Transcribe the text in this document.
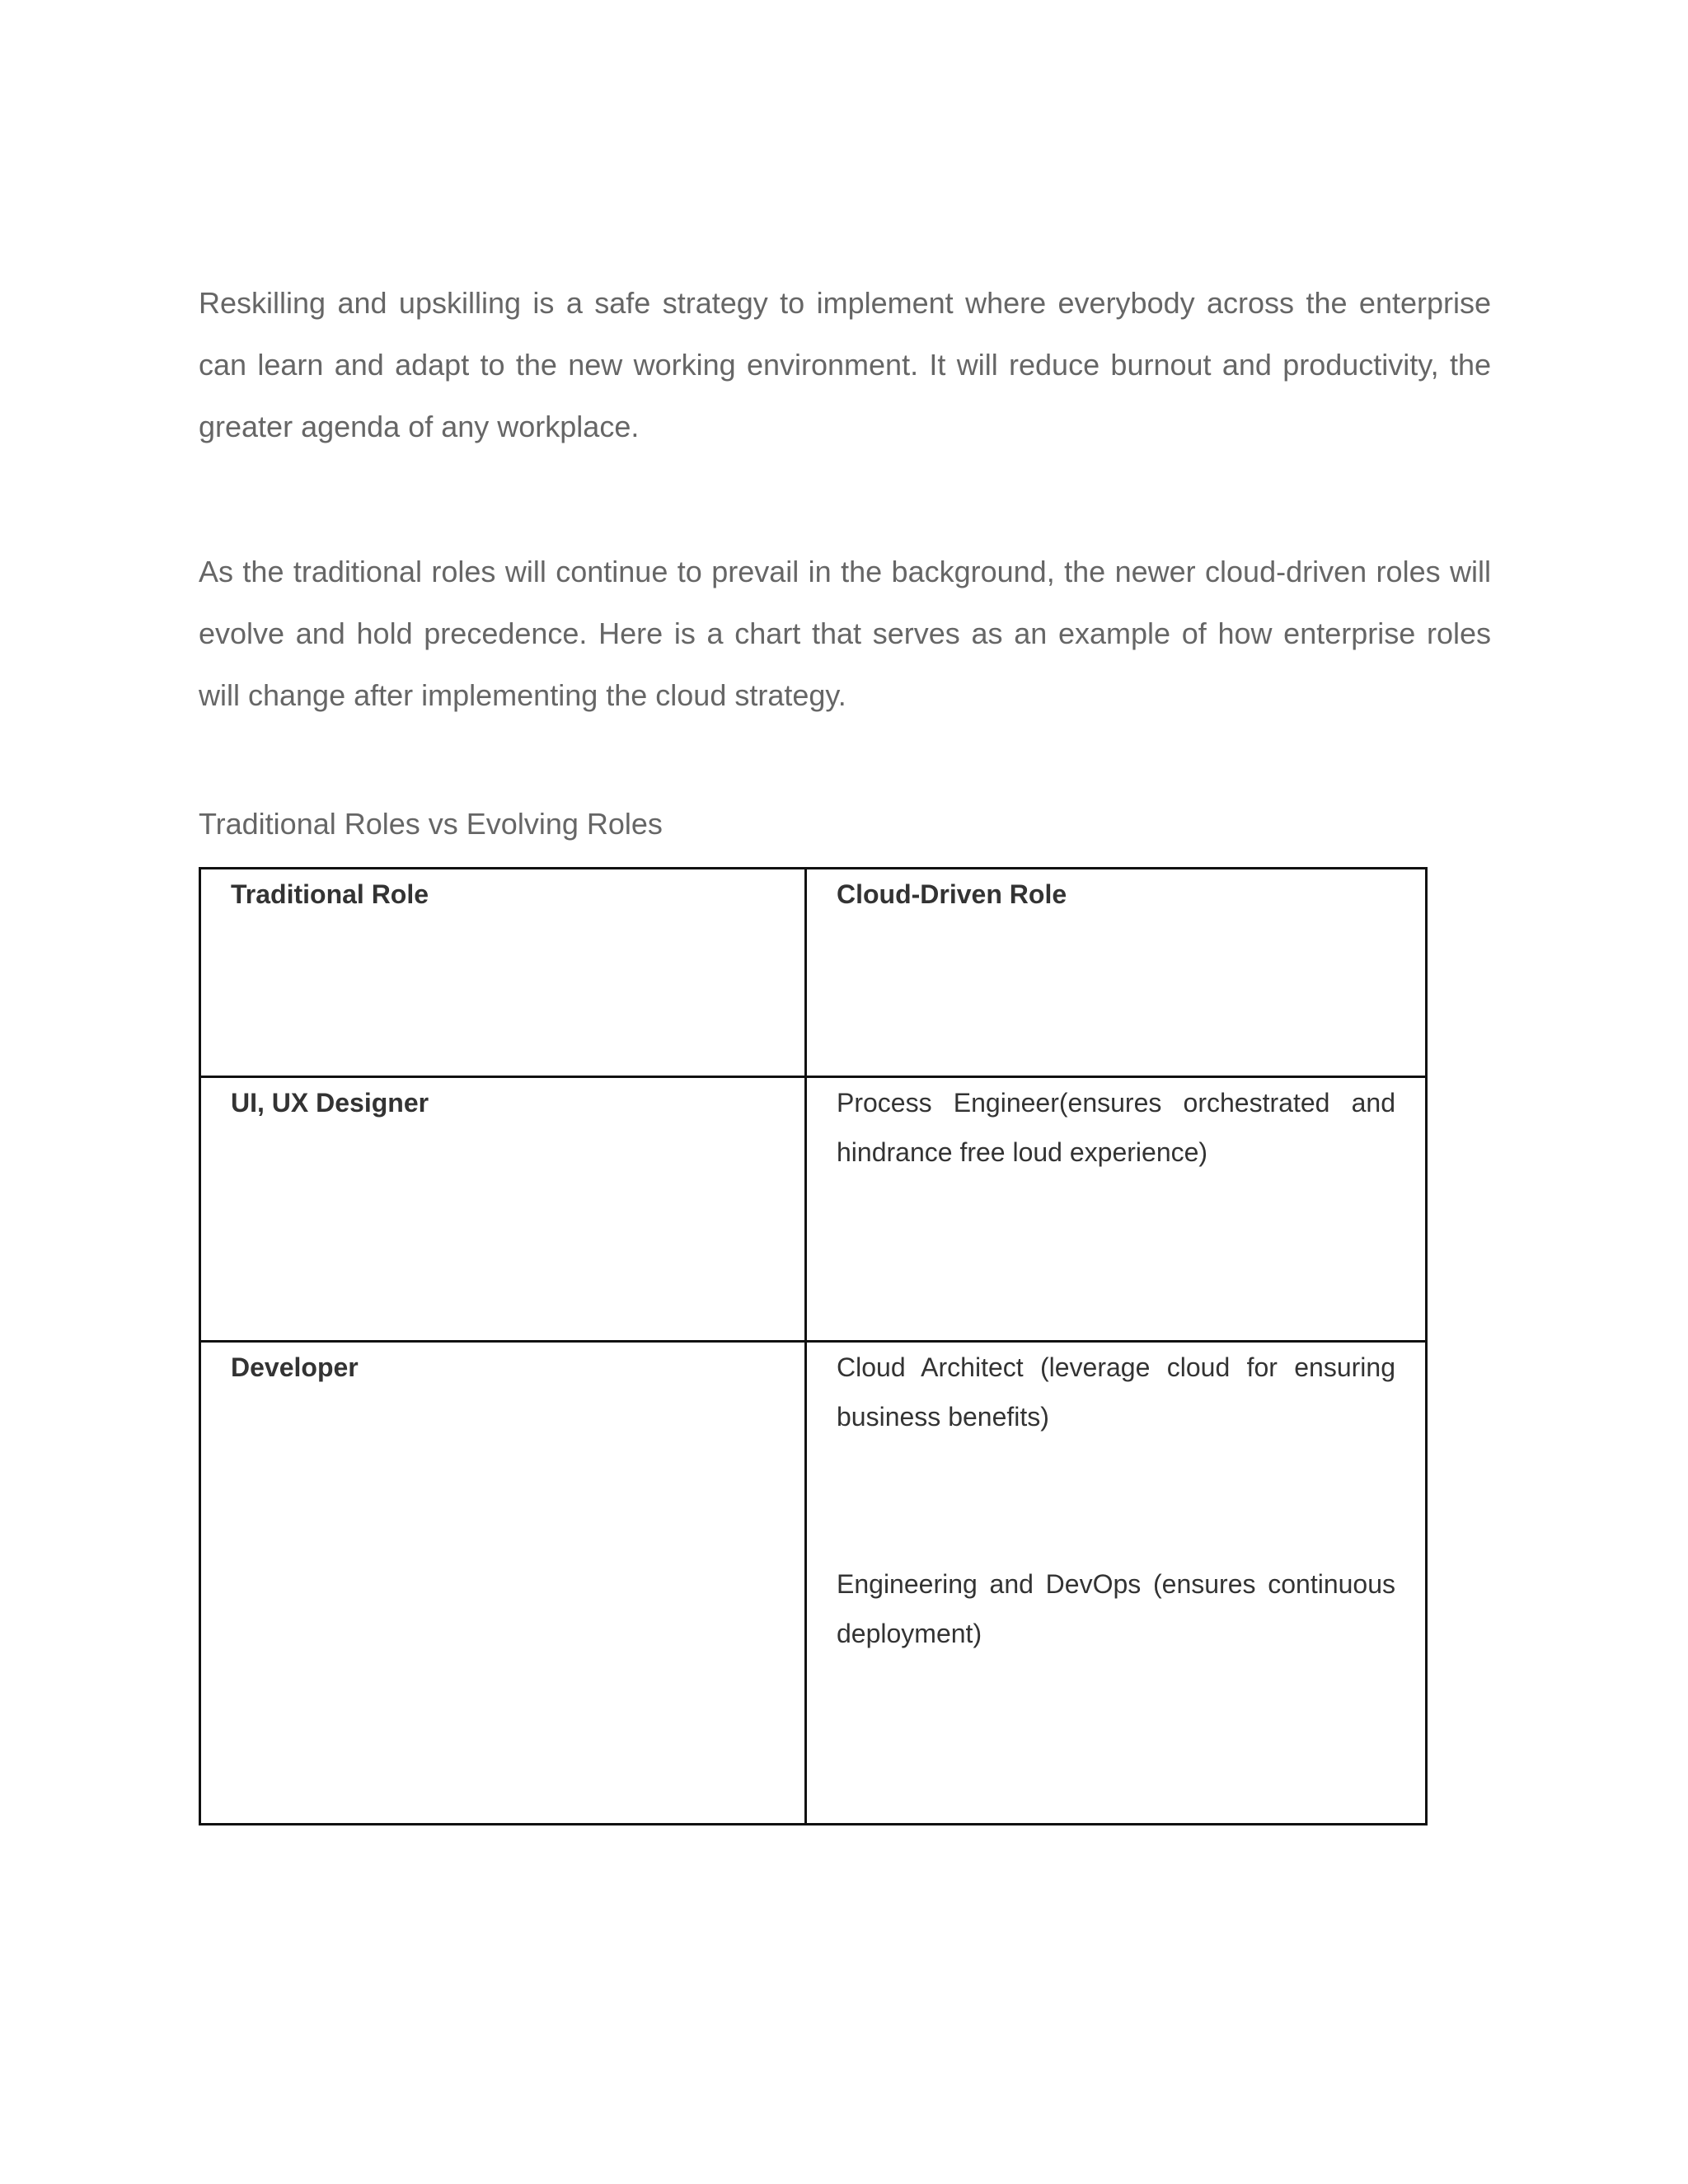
Reskilling and upskilling is a safe strategy to implement where everybody across the enterprise can learn and adapt to the new working environment. It will reduce burnout and productivity, the greater agenda of any workplace.

As the traditional roles will continue to prevail in the background, the newer cloud-driven roles will evolve and hold precedence. Here is a chart that serves as an example of how enterprise roles will change after implementing the cloud strategy.

Traditional Roles vs Evolving Roles

Traditional Role	Cloud-Driven Role
UI, UX Designer	Process Engineer(ensures orchestrated and hindrance free loud experience)

Developer	Cloud Architect (leverage cloud for ensuring business benefits)

Engineering and DevOps (ensures continuous deployment)
